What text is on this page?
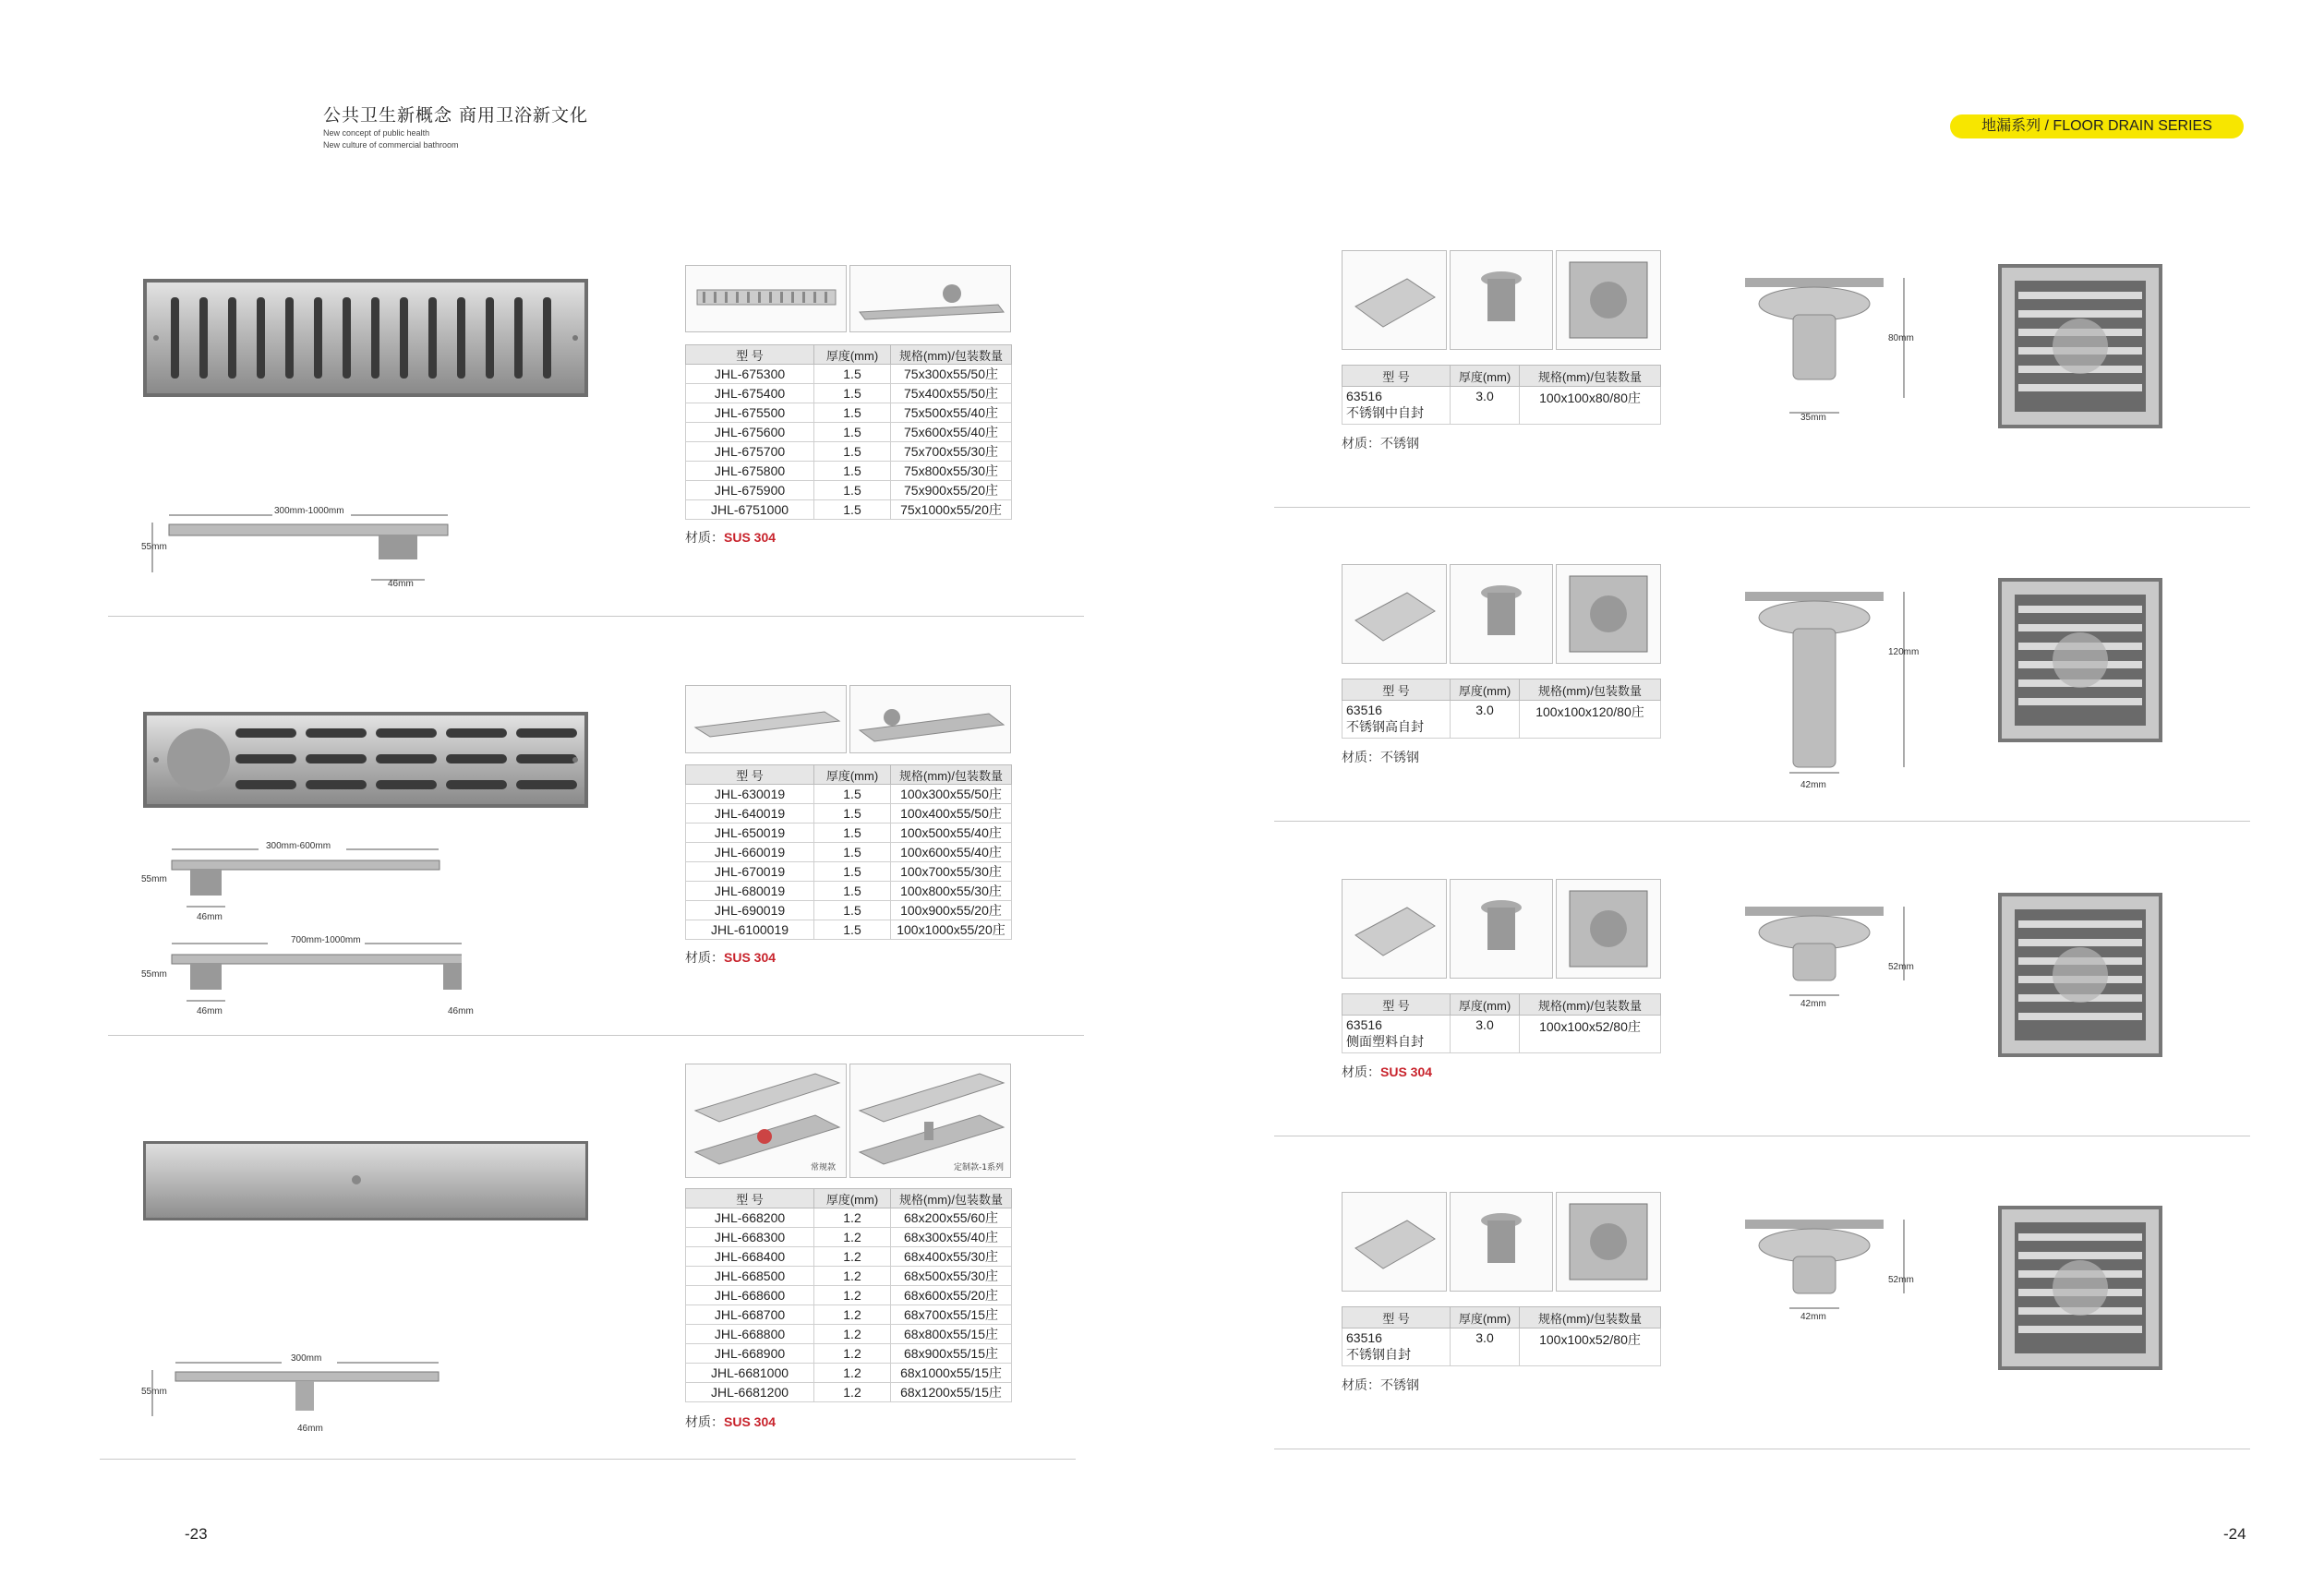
公共卫生新概念 商用卫浴新文化
New concept of public health
New culture of commercial bathroom
地漏系列 / FLOOR DRAIN SERIES
300mm-1000mm
55mm
46mm
型 号	厚度(mm)	规格(mm)/包装数量
JHL-675300	1.5	75x300x55/50庄
JHL-675400	1.5	75x400x55/50庄
JHL-675500	1.5	75x500x55/40庄
JHL-675600	1.5	75x600x55/40庄
JHL-675700	1.5	75x700x55/30庄
JHL-675800	1.5	75x800x55/30庄
JHL-675900	1.5	75x900x55/20庄
JHL-6751000	1.5	75x1000x55/20庄
材质：SUS 304
300mm-600mm
55mm
46mm
700mm-1000mm
55mm
46mm	46mm
型 号	厚度(mm)	规格(mm)/包装数量
JHL-630019	1.5	100x300x55/50庄
JHL-640019	1.5	100x400x55/50庄
JHL-650019	1.5	100x500x55/40庄
JHL-660019	1.5	100x600x55/40庄
JHL-670019	1.5	100x700x55/30庄
JHL-680019	1.5	100x800x55/30庄
JHL-690019	1.5	100x900x55/20庄
JHL-6100019	1.5	100x1000x55/20庄
材质：SUS 304
300mm
55mm
46mm
常规款	定制款-1系列
型 号	厚度(mm)	规格(mm)/包装数量
JHL-668200	1.2	68x200x55/60庄
JHL-668300	1.2	68x300x55/40庄
JHL-668400	1.2	68x400x55/30庄
JHL-668500	1.2	68x500x55/30庄
JHL-668600	1.2	68x600x55/20庄
JHL-668700	1.2	68x700x55/15庄
JHL-668800	1.2	68x800x55/15庄
JHL-668900	1.2	68x900x55/15庄
JHL-6681000	1.2	68x1000x55/15庄
JHL-6681200	1.2	68x1200x55/15庄
材质：SUS 304
-23
型 号	厚度(mm)	规格(mm)/包装数量

63516
不锈钢中自封	3.0	100x100x80/80庄
材质：不锈钢
80mm
35mm
型 号	厚度(mm)	规格(mm)/包装数量

63516
不锈钢高自封	3.0	100x100x120/80庄
材质：不锈钢
120mm
42mm
型 号	厚度(mm)	规格(mm)/包装数量

63516
侧面塑料自封	3.0	100x100x52/80庄
材质：SUS 304
52mm
42mm
型 号	厚度(mm)	规格(mm)/包装数量

63516
不锈钢自封	3.0	100x100x52/80庄
材质：不锈钢
52mm
42mm
-24
